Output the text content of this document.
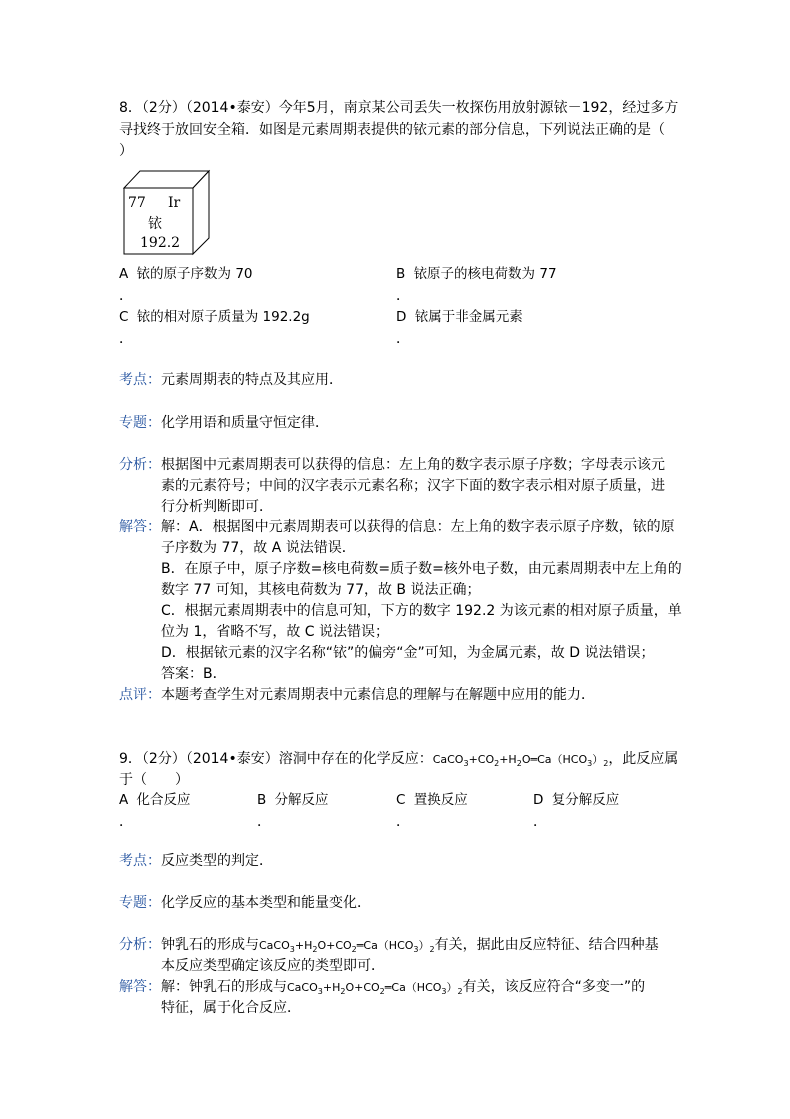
8．（2分）（2014•泰安）今年5月，南京某公司丢失一枚探伤用放射源铱－192，经过多方
寻找终于放回安全箱．如图是元素周期表提供的铱元素的部分信息，下列说法正确的是（
）
77 Ir
铱
192.2
A 铱的原子序数为 70
．
B 铱原子的核电荷数为 77
．
C 铱的相对原子质量为 192.2g
．
D 铱属于非金属元素
．
考点：元素周期表的特点及其应用．
专题：化学用语和质量守恒定律．
分析： 根据图中元素周期表可以获得的信息：左上角的数字表示原子序数；字母表示该元
素的元素符号；中间的汉字表示元素名称；汉字下面的数字表示相对原子质量，进
行分析判断即可．
解答： 解：A．根据图中元素周期表可以获得的信息：左上角的数字表示原子序数，铱的原
子序数为 77，故 A 说法错误．
B．在原子中，原子序数=核电荷数=质子数=核外电子数，由元素周期表中左上角的
数字 77 可知，其核电荷数为 77，故 B 说法正确；
C．根据元素周期表中的信息可知，下方的数字 192.2 为该元素的相对原子质量，单
位为 1，省略不写，故 C 说法错误；
D．根据铱元素的汉字名称“铱”的偏旁“金”可知，为金属元素，故 D 说法错误；
答案：B．
点评：本题考查学生对元素周期表中元素信息的理解与在解题中应用的能力．
9．（2分）（2014•泰安）溶洞中存在的化学反应：$CaCO_3+CO_2+H_2O═Ca(HCO_3)_2$，此反应属
于（　　）
A 化合反应
．
B 分解反应
．
C 置换反应
．
D 复分解反应
．
考点：反应类型的判定．
专题：化学反应的基本类型和能量变化．
分析： 钟乳石的形成与$CaCO_3+H_2O+CO_2═Ca(HCO_3)_2$有关，据此由反应特征、结合四种基
本反应类型确定该反应的类型即可．
解答： 解：钟乳石的形成与$CaCO_3+H_2O+CO_2═Ca(HCO_3)_2$有关，该反应符合“多变一”的
特征，属于化合反应．
